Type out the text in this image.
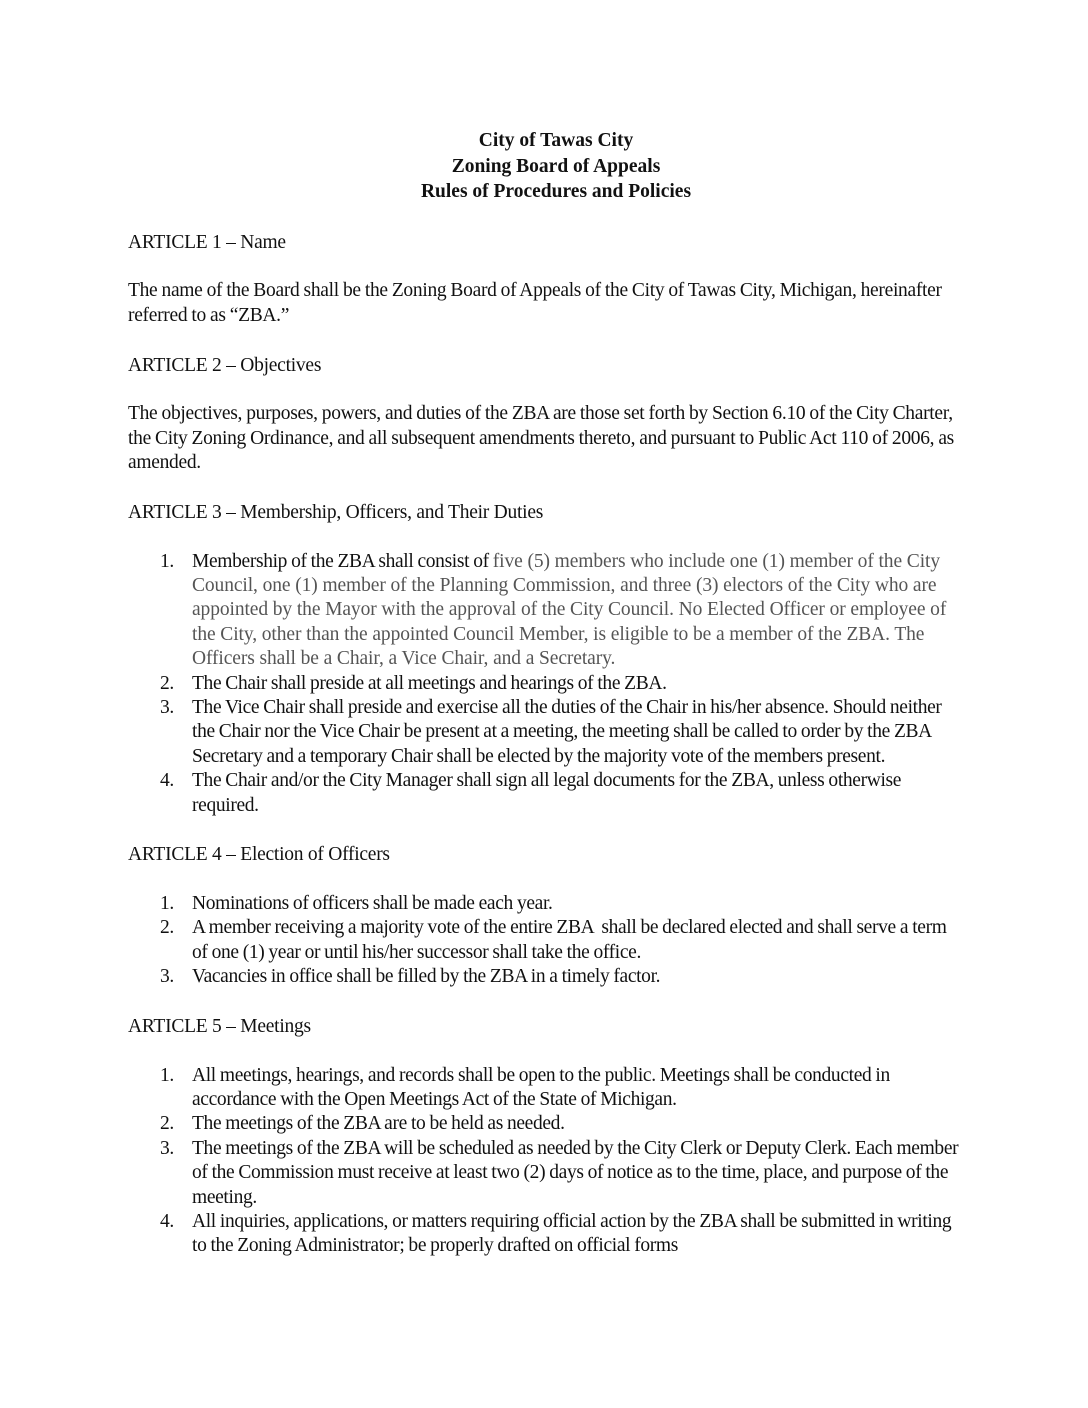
City of Tawas City
Zoning Board of Appeals
Rules of Procedures and Policies
ARTICLE 1 – Name
The name of the Board shall be the Zoning Board of Appeals of the City of Tawas City, Michigan, hereinafter referred to as “ZBA.”
ARTICLE 2 – Objectives
The objectives, purposes, powers, and duties of the ZBA are those set forth by Section 6.10 of the City Charter, the City Zoning Ordinance, and all subsequent amendments thereto, and pursuant to Public Act 110 of 2006, as amended.
ARTICLE 3 – Membership, Officers, and Their Duties
1. Membership of the ZBA shall consist of five (5) members who include one (1) member of the City Council, one (1) member of the Planning Commission, and three (3) electors of the City who are appointed by the Mayor with the approval of the City Council. No Elected Officer or employee of the City, other than the appointed Council Member, is eligible to be a member of the ZBA. The Officers shall be a Chair, a Vice Chair, and a Secretary.
2. The Chair shall preside at all meetings and hearings of the ZBA.
3. The Vice Chair shall preside and exercise all the duties of the Chair in his/her absence. Should neither the Chair nor the Vice Chair be present at a meeting, the meeting shall be called to order by the ZBA Secretary and a temporary Chair shall be elected by the majority vote of the members present.
4. The Chair and/or the City Manager shall sign all legal documents for the ZBA, unless otherwise required.
ARTICLE 4 – Election of Officers
1. Nominations of officers shall be made each year.
2. A member receiving a majority vote of the entire ZBA  shall be declared elected and shall serve a term of one (1) year or until his/her successor shall take the office.
3. Vacancies in office shall be filled by the ZBA in a timely factor.
ARTICLE 5 – Meetings
1. All meetings, hearings, and records shall be open to the public. Meetings shall be conducted in accordance with the Open Meetings Act of the State of Michigan.
2. The meetings of the ZBA are to be held as needed.
3. The meetings of the ZBA will be scheduled as needed by the City Clerk or Deputy Clerk. Each member of the Commission must receive at least two (2) days of notice as to the time, place, and purpose of the meeting.
4. All inquiries, applications, or matters requiring official action by the ZBA shall be submitted in writing to the Zoning Administrator; be properly drafted on official forms
